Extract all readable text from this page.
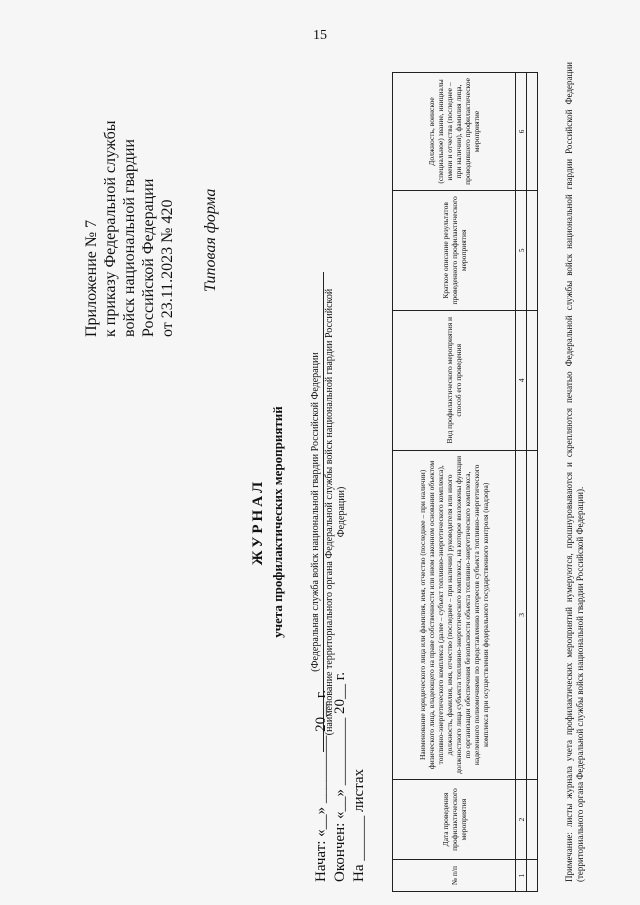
15
Приложение № 7 к приказу Федеральной службы войск национальной гвардии Российской Федерации от 23.11.2023 № 420 Типовая форма
ЖУРНАЛ учета профилактических мероприятий	(Федеральная служба войск национальной гвардии Российской Федерации (наименование территориального органа Федеральной службы войск национальной гвардии Российской Федерации)
Начат: «__» _________ 20__ г. Окончен: «__» _________ 20__ г. На ______ листах	№ п/п	Дата проведения профилактического мероприятия	Наименование юридического лица или фамилия, имя, отчество (последнее – при наличии) физического лица, владеющего на праве собственности или ином законном основании объектом топливно-энергетического комплекса (далее – субъект топливно-энергетического комплекса), должность, фамилия, имя, отчество (последнее – при наличии) руководителя или иного должностного лица субъекта топливно-энергетического комплекса, на которое возложены функции по организации обеспечения безопасности объекта топливно-энергетического комплекса, наделенного полномочиями по представлению интересов субъекта топливно-энергетического комплекса при осуществлении федерального государственного контроля (надзора)	Вид профилактического мероприятия и способ его проведения	Краткое описание результатов проведенного профилактического мероприятия	Должность, воинское (специальное) звание, инициалы имени и отчества (последнее – при наличии), фамилия лица, проводившего профилактическое мероприятие
1	2	3	4	5	6
						Примечание: листы журнала учета профилактических мероприятий нумеруются, прошнуровываются и скрепляются печатью Федеральной службы войск национальной гвардии Российской Федерации (территориального органа Федеральной службы войск национальной гвардии Российской Федерации).
